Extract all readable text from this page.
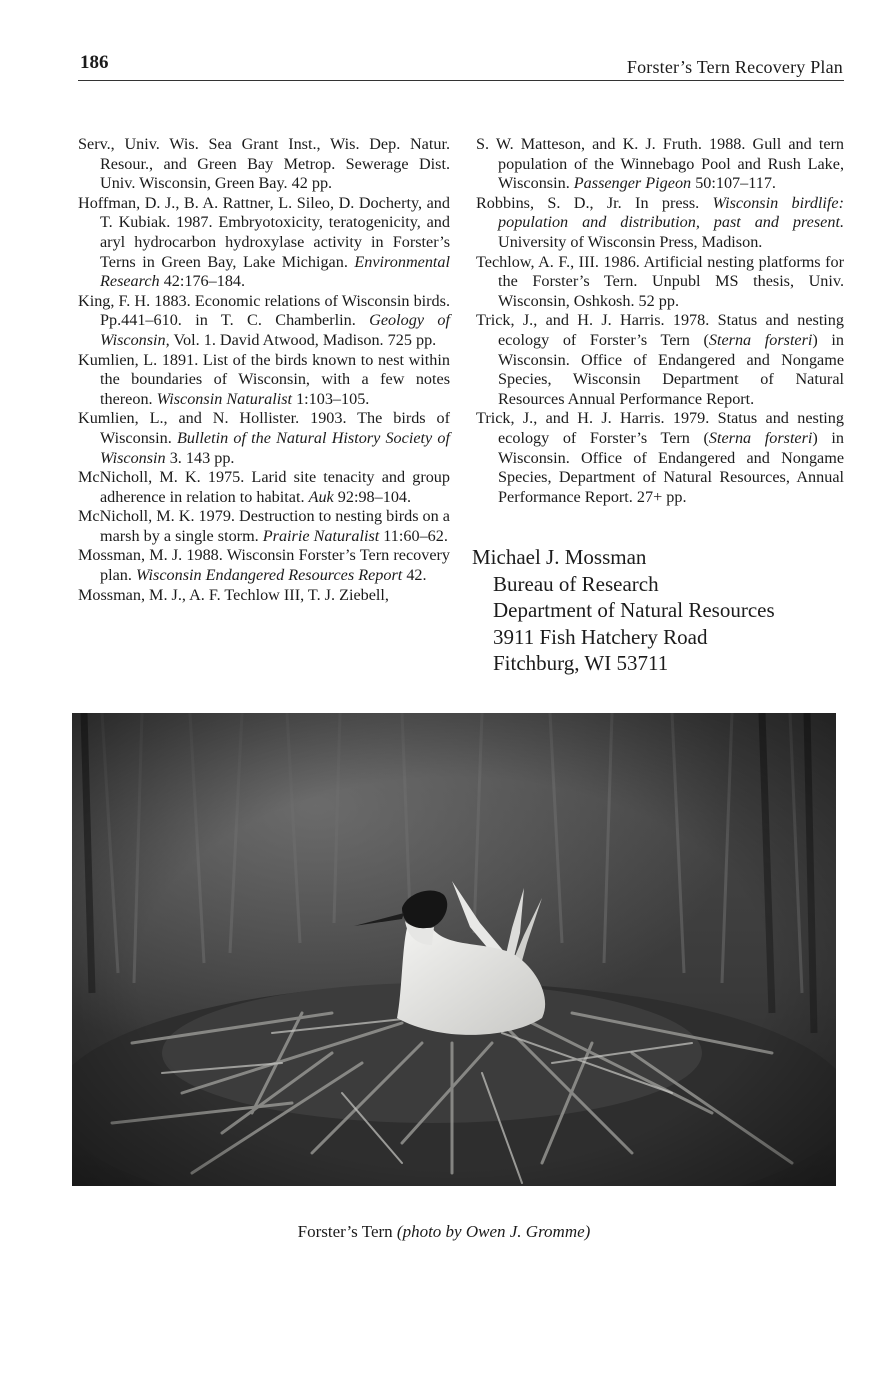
186	Forster’s Tern Recovery Plan

Serv., Univ. Wis. Sea Grant Inst., Wis. Dep. Natur. Resour., and Green Bay Metrop. Sewerage Dist. Univ. Wisconsin, Green Bay. 42 pp.

Hoffman, D. J., B. A. Rattner, L. Sileo, D. Docherty, and T. Kubiak. 1987. Embryotoxicity, teratogenicity, and aryl hydrocarbon hydroxylase activity in Forster’s Terns in Green Bay, Lake Michigan. Environmental Research 42:176–184.

King, F. H. 1883. Economic relations of Wisconsin birds. Pp.441–610. in T. C. Chamberlin. Geology of Wisconsin, Vol. 1. David Atwood, Madison. 725 pp.

Kumlien, L. 1891. List of the birds known to nest within the boundaries of Wisconsin, with a few notes thereon. Wisconsin Naturalist 1:103–105.

Kumlien, L., and N. Hollister. 1903. The birds of Wisconsin. Bulletin of the Natural History Society of Wisconsin 3. 143 pp.

McNicholl, M. K. 1975. Larid site tenacity and group adherence in relation to habitat. Auk 92:98–104.

McNicholl, M. K. 1979. Destruction to nesting birds on a marsh by a single storm. Prairie Naturalist 11:60–62.

Mossman, M. J. 1988. Wisconsin Forster’s Tern recovery plan. Wisconsin Endangered Resources Report 42.

Mossman, M. J., A. F. Techlow III, T. J. Ziebell,

S. W. Matteson, and K. J. Fruth. 1988. Gull and tern population of the Winnebago Pool and Rush Lake, Wisconsin. Passenger Pigeon 50:107–117.

Robbins, S. D., Jr. In press. Wisconsin birdlife: population and distribution, past and present. University of Wisconsin Press, Madison.

Techlow, A. F., III. 1986. Artificial nesting platforms for the Forster’s Tern. Unpubl MS thesis, Univ. Wisconsin, Oshkosh. 52 pp.

Trick, J., and H. J. Harris. 1978. Status and nesting ecology of Forster’s Tern (Sterna forsteri) in Wisconsin. Office of Endangered and Nongame Species, Wisconsin Department of Natural Resources Annual Performance Report.

Trick, J., and H. J. Harris. 1979. Status and nesting ecology of Forster’s Tern (Sterna forsteri) in Wisconsin. Office of Endangered and Nongame Species, Department of Natural Resources, Annual Performance Report. 27+ pp.

Michael J. Mossman
Bureau of Research
Department of Natural Resources
3911 Fish Hatchery Road
Fitchburg, WI 53711
Forster’s Tern (photo by Owen J. Gromme)
